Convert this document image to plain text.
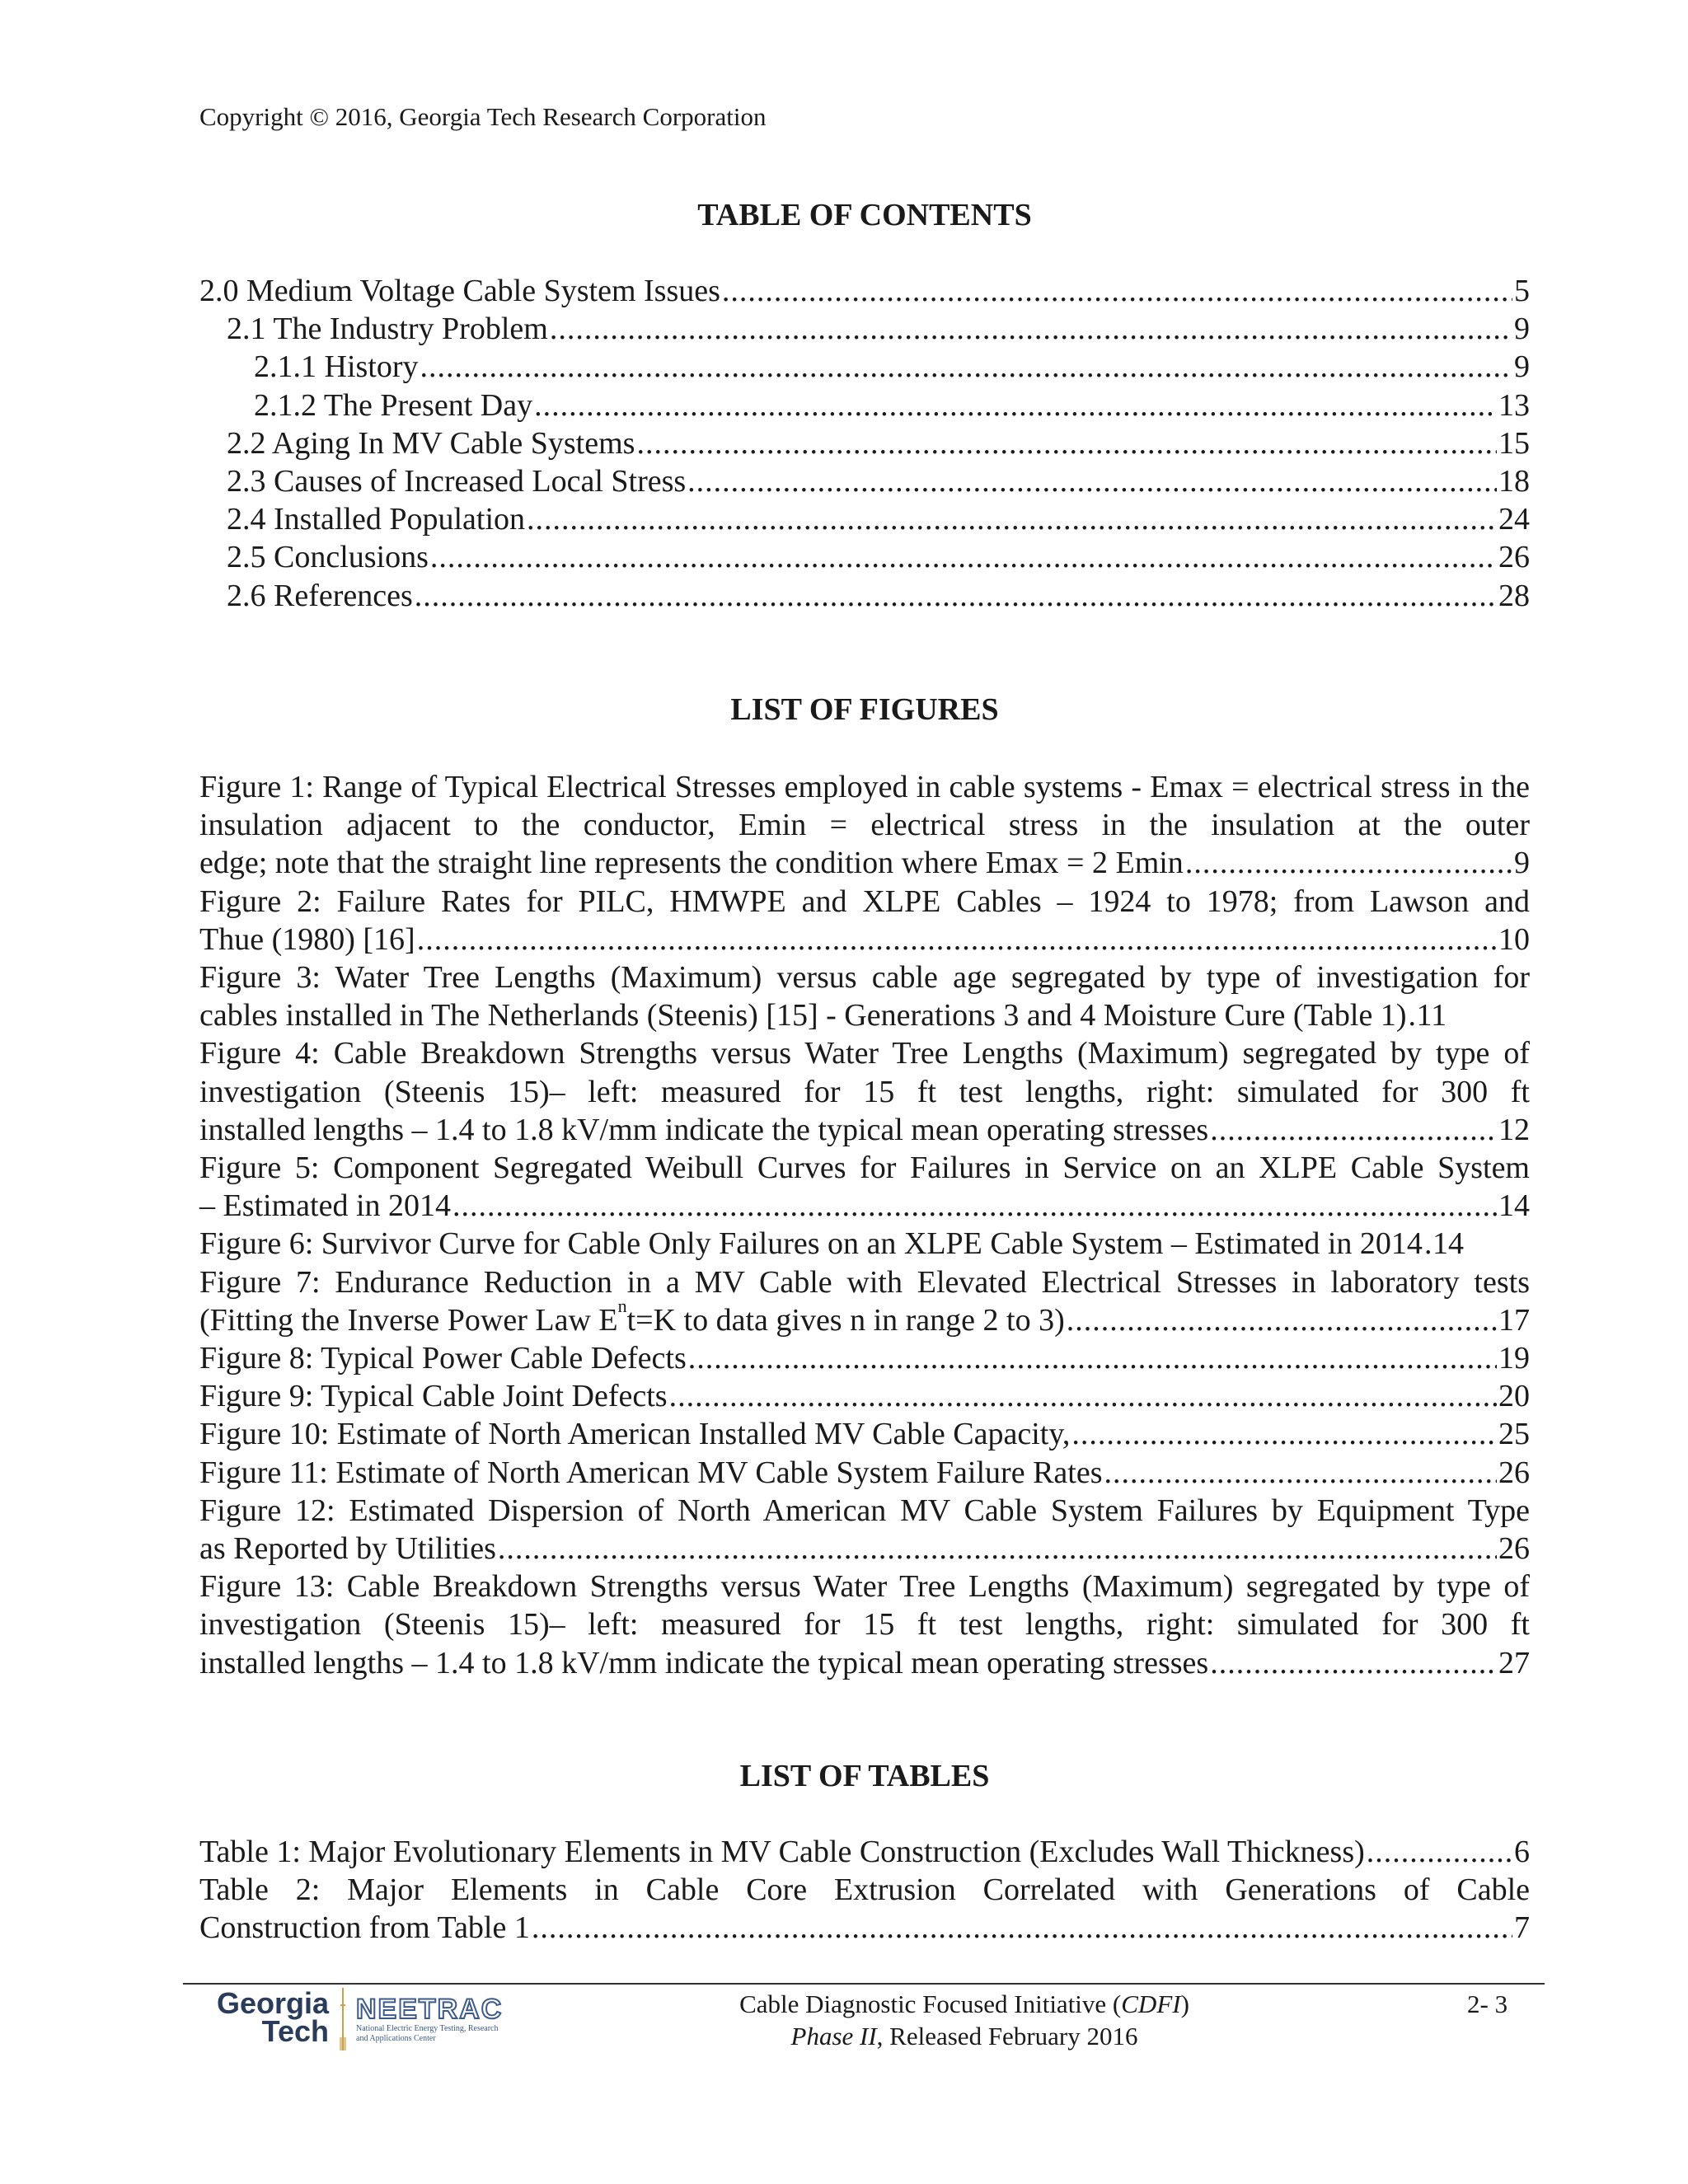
Copyright © 2016, Georgia Tech Research Corporation
TABLE OF CONTENTS
2.0 Medium Voltage Cable System Issues .....	5
2.1 The Industry Problem .....	9
2.1.1 History .....	9
2.1.2 The Present Day .....	13
2.2 Aging In MV Cable Systems .....	15
2.3 Causes of Increased Local Stress .....	18
2.4 Installed Population .....	24
2.5 Conclusions .....	26
2.6 References .....	28
LIST OF FIGURES
Figure 1: Range of Typical Electrical Stresses employed in cable systems - Emax = electrical stress in the insulation adjacent to the conductor, Emin = electrical stress in the insulation at the outer
edge; note that the straight line represents the condition where Emax = 2 Emin .....	9
Figure 2: Failure Rates for PILC, HMWPE and XLPE Cables – 1924 to 1978; from Lawson and
Thue (1980) [16] .....	10
Figure 3: Water Tree Lengths (Maximum) versus cable age segregated by type of investigation for
cables installed in The Netherlands (Steenis) [15] - Generations 3 and 4 Moisture Cure (Table 1) ..... 11
Figure 4: Cable Breakdown Strengths versus Water Tree Lengths (Maximum) segregated by type of investigation (Steenis 15)– left: measured for 15 ft test lengths, right: simulated for 300 ft
installed lengths – 1.4 to 1.8 kV/mm indicate the typical mean operating stresses .....	12
Figure 5: Component Segregated Weibull Curves for Failures in Service on an XLPE Cable System
– Estimated in 2014 .....	14
Figure 6: Survivor Curve for Cable Only Failures on an XLPE Cable System – Estimated in 2014 ..... 14
Figure 7: Endurance Reduction in a MV Cable with Elevated Electrical Stresses in laboratory tests
(Fitting the Inverse Power Law $E^nt=K$ to data gives n in range 2 to 3) .....	17
Figure 8: Typical Power Cable Defects .....	19
Figure 9: Typical Cable Joint Defects .....	20
Figure 10: Estimate of North American Installed MV Cable Capacity, .....	25
Figure 11: Estimate of North American MV Cable System Failure Rates .....	26
Figure 12: Estimated Dispersion of North American MV Cable System Failures by Equipment Type
as Reported by Utilities .....	26
Figure 13: Cable Breakdown Strengths versus Water Tree Lengths (Maximum) segregated by type of investigation (Steenis 15)– left: measured for 15 ft test lengths, right: simulated for 300 ft
installed lengths – 1.4 to 1.8 kV/mm indicate the typical mean operating stresses .....	27
LIST OF TABLES
Table 1: Major Evolutionary Elements in MV Cable Construction (Excludes Wall Thickness) .....	6
Table 2: Major Elements in Cable Core Extrusion Correlated with Generations of Cable
Construction from Table 1 .....	7
Georgia
Tech
NEETRAC
National Electric Energy Testing, Research
and Applications Center
Cable Diagnostic Focused Initiative (CDFI)
Phase II, Released February 2016
2- 3
